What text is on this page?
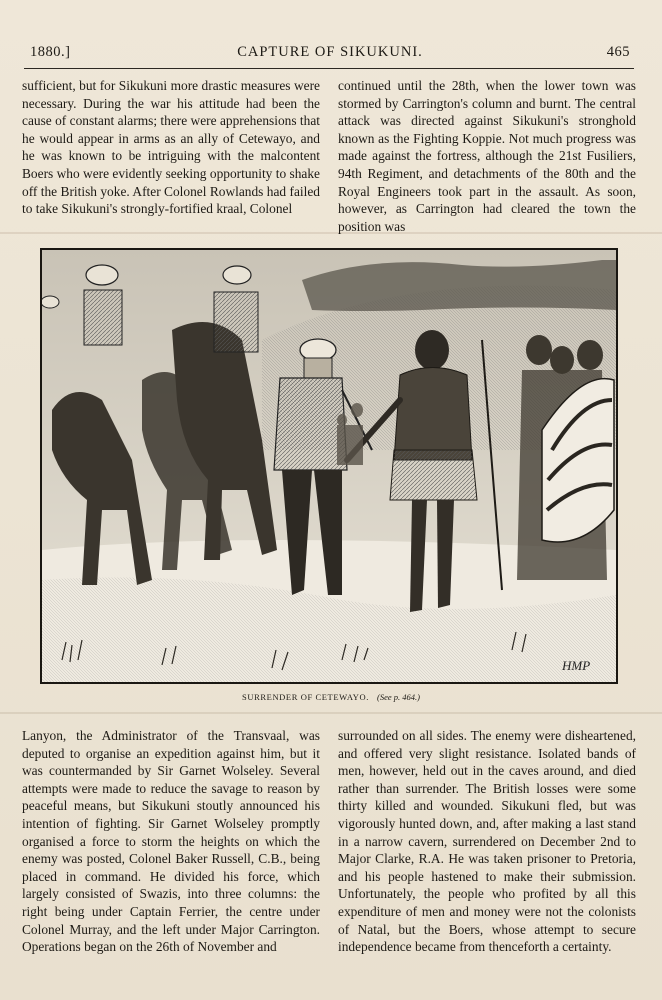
1880.]	CAPTURE OF SIKUKUNI.	465

sufficient, but for Sikukuni more drastic measures were necessary. During the war his attitude had been the cause of constant alarms; there were apprehensions that he would appear in arms as an ally of Cetewayo, and he was known to be intriguing with the malcontent Boers who were evidently seeking opportunity to shake off the British yoke. After Colonel Rowlands had failed to take Sikukuni's strongly-fortified kraal, Colonel

continued until the 28th, when the lower town was stormed by Carrington's column and burnt. The central attack was directed against Sikukuni's stronghold known as the Fighting Koppie. Not much progress was made against the fortress, although the 21st Fusiliers, 94th Regiment, and detachments of the 80th and the Royal Engineers took part in the assault. As soon, however, as Carrington had cleared the town the position was

HMP
SURRENDER OF CETEWAYO. (See p. 464.)

Lanyon, the Administrator of the Transvaal, was deputed to organise an expedition against him, but it was countermanded by Sir Garnet Wolseley. Several attempts were made to reduce the savage to reason by peaceful means, but Sikukuni stoutly announced his intention of fighting. Sir Garnet Wolseley promptly organised a force to storm the heights on which the enemy was posted, Colonel Baker Russell, C.B., being placed in command. He divided his force, which largely consisted of Swazis, into three columns: the right being under Captain Ferrier, the centre under Colonel Murray, and the left under Major Carrington. Operations began on the 26th of November and

surrounded on all sides. The enemy were disheartened, and offered very slight resistance. Isolated bands of men, however, held out in the caves around, and died rather than surrender. The British losses were some thirty killed and wounded. Sikukuni fled, but was vigorously hunted down, and, after making a last stand in a narrow cavern, surrendered on December 2nd to Major Clarke, R.A. He was taken prisoner to Pretoria, and his people hastened to make their submission. Unfortunately, the people who profited by all this expenditure of men and money were not the colonists of Natal, but the Boers, whose attempt to secure independence became from thenceforth a certainty.
